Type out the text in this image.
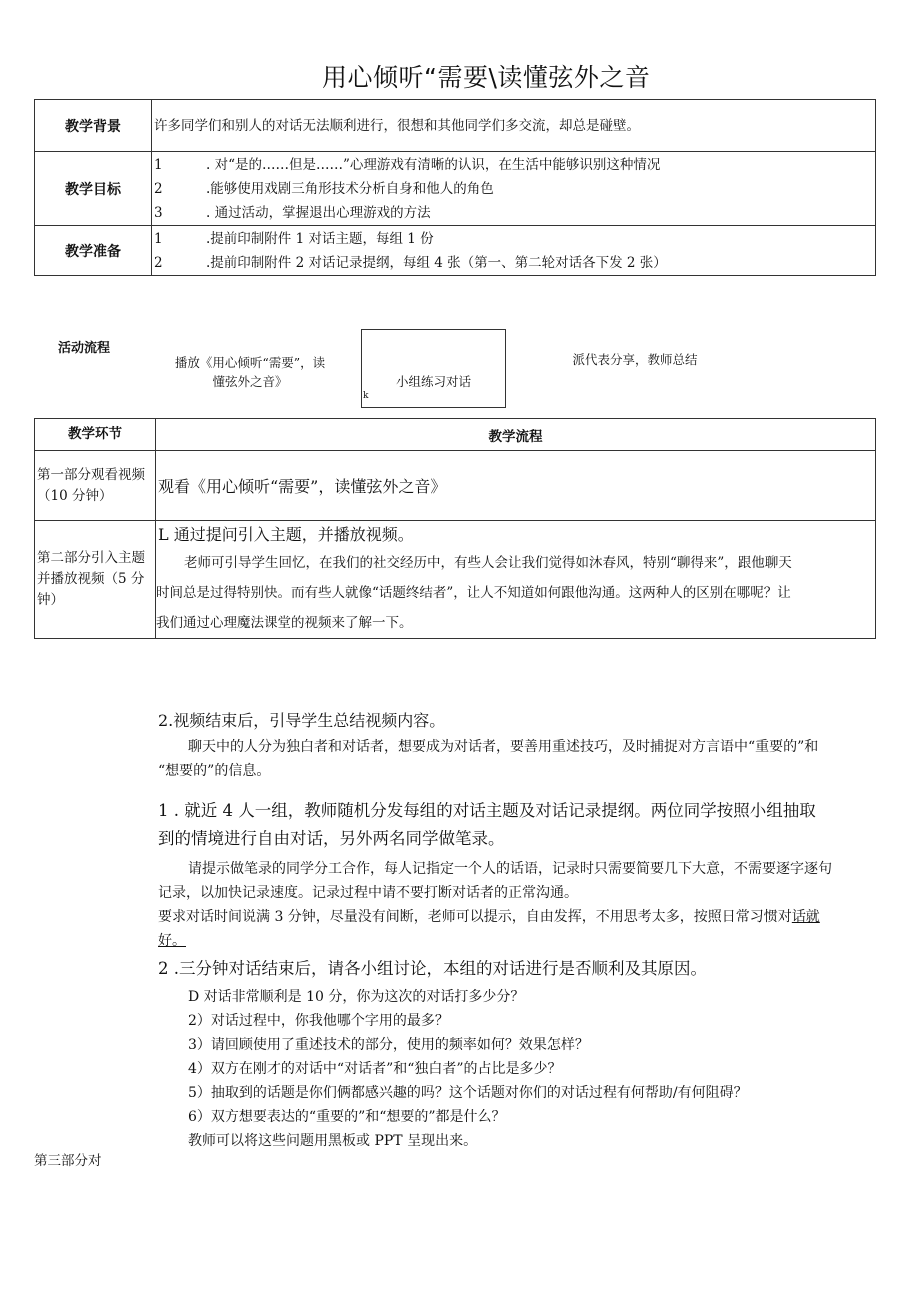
用心倾听“需要\读懂弦外之音
教学背景	许多同学们和别人的对话无法顺利进行，很想和其他同学们多交流，却总是碰壁。

教学目标	1 . 对“是的……但是……”心理游戏有清晰的认识，在生活中能够识别这种情况
2 .能够使用戏剧三角形技术分析自身和他人的角色
3 . 通过活动，掌握退出心理游戏的方法

教学准备	1 .提前印制附件 1 对话主题，每组 1 份
2 .提前印制附件 2 对话记录提纲，每组 4 张（第一、第二轮对话各下发 2 张）
活动流程
播放《用心倾听“需要”，读懂弦外之音》	小组练习对话
k
派代表分享，教师总结
教学环节	教学流程
第一部分观看视频（10 分钟）	观看《用心倾听“需要”，读懂弦外之音》
第二部分引入主题并播放视频（5 分钟）	L 通过提问引入主题，并播放视频。
老师可引导学生回忆，在我们的社交经历中，有些人会让我们觉得如沐春风，特别“聊得来”，跟他聊天
时间总是过得特别快。而有些人就像“话题终结者”，让人不知道如何跟他沟通。这两种人的区别在哪呢？让
我们通过心理魔法课堂的视频来了解一下。
2.视频结束后，引导学生总结视频内容。
聊天中的人分为独白者和对话者，想要成为对话者，要善用重述技巧，及时捕捉对方言语中“重要的”和
“想要的”的信息。
1 . 就近 4 人一组，教师随机分发每组的对话主题及对话记录提纲。两位同学按照小组抽取
到的情境进行自由对话，另外两名同学做笔录。
请提示做笔录的同学分工合作，每人记指定一个人的话语，记录时只需要简要几下大意，不需要逐字逐句
记录，以加快记录速度。记录过程中请不要打断对话者的正常沟通。
要求对话时间说满 3 分钟，尽量没有间断，老师可以提示，自由发挥，不用思考太多，按照日常习惯对话就
好。
2 .三分钟对话结束后，请各小组讨论，本组的对话进行是否顺利及其原因。
D 对话非常顺利是 10 分，你为这次的对话打多少分？
2）对话过程中，你我他哪个字用的最多？
3）请回顾使用了重述技术的部分，使用的频率如何？效果怎样？
4）双方在刚才的对话中“对话者”和“独白者”的占比是多少？
5）抽取到的话题是你们俩都感兴趣的吗？这个话题对你们的对话过程有何帮助/有何阻碍？
6）双方想要表达的“重要的”和“想要的”都是什么？
教师可以将这些问题用黑板或 PPT 呈现出来。
第三部分对
